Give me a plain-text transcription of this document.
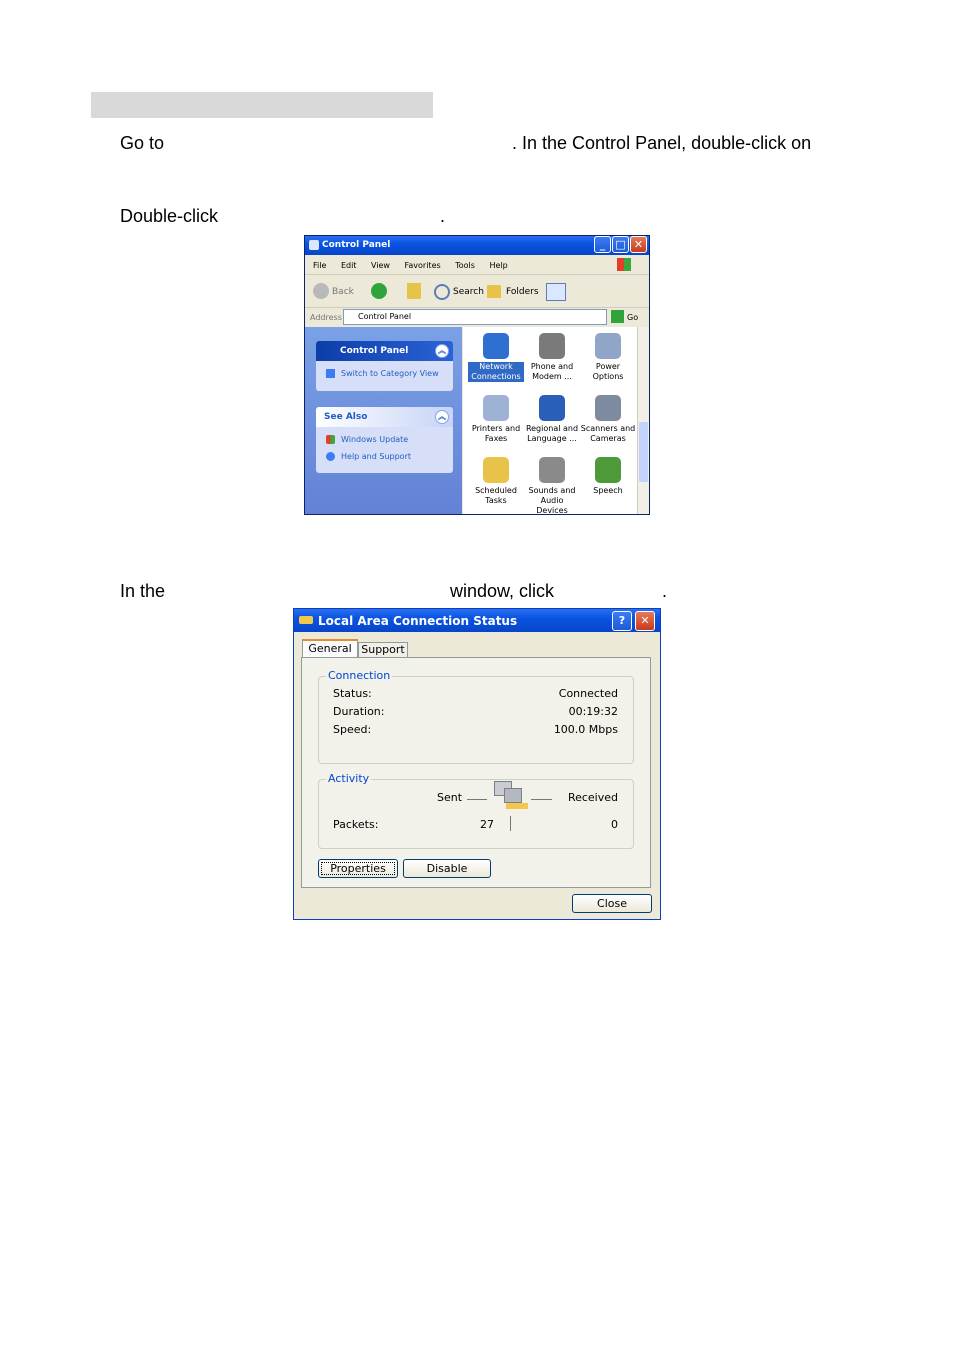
Go to	. In the Control Panel, double-click on
Double-click	.
Control Panel	_ □ ✕
File Edit View Favorites Tools Help
Back	Search Folders
Address Control Panel	Go
Control Panel	︽
Switch to Category View
See Also	︽
Windows Update
Help and Support
Network Connections
Phone and Modem ...
Power Options
Printers and Faxes
Regional and Language ...
Scanners and Cameras
Scheduled Tasks
Sounds and Audio Devices
Speech
In the	window, click	.
Local Area Connection Status	?	✕
General Support
Connection
Status:	Connected
Duration:	00:19:32
Speed:	100.0 Mbps
Activity
Sent	Received
Packets:	27	0
Properties	Disable
Close
